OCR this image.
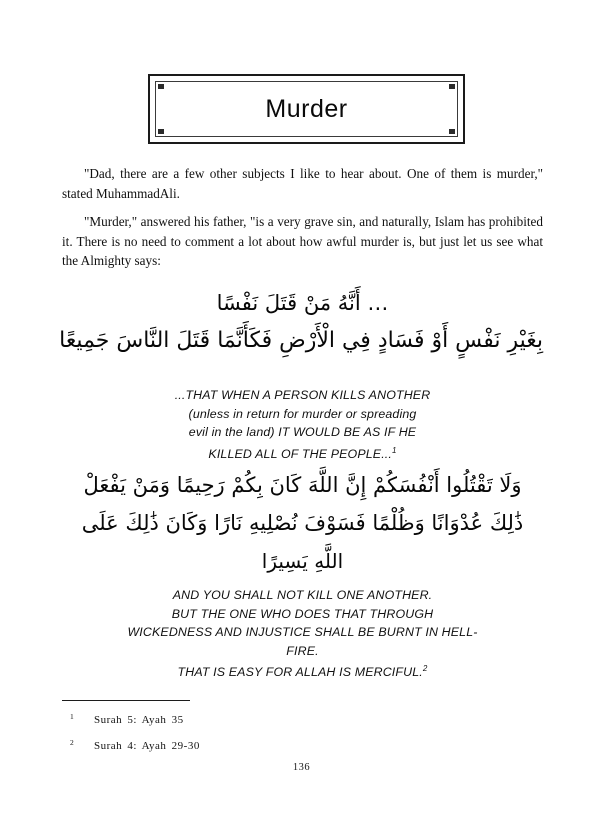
Murder

"Dad, there are a few other subjects I like to hear about. One of them is murder," stated MuhammadAli.

"Murder," answered his father, "is a very grave sin, and naturally, Islam has prohibited it. There is no need to comment a lot about how awful murder is, but just let us see what the Almighty says:

… أَنَّهُ مَنْ قَتَلَ نَفْسًا
بِغَيْرِ نَفْسٍ أَوْ فَسَادٍ فِي الْأَرْضِ فَكَأَنَّمَا قَتَلَ النَّاسَ جَمِيعًا
...THAT WHEN A PERSON KILLS ANOTHER
(unless in return for murder or spreading
evil in the land) IT WOULD BE AS IF HE
KILLED ALL OF THE PEOPLE...$^1$
وَلَا تَقْتُلُوا أَنْفُسَكُمْ إِنَّ اللَّهَ كَانَ بِكُمْ رَحِيمًا وَمَنْ يَفْعَلْ
ذَٰلِكَ عُدْوَانًا وَظُلْمًا فَسَوْفَ نُصْلِيهِ نَارًا وَكَانَ ذَٰلِكَ عَلَى
اللَّهِ يَسِيرًا
AND YOU SHALL NOT KILL ONE ANOTHER.
BUT THE ONE WHO DOES THAT THROUGH
WICKEDNESS AND INJUSTICE SHALL BE BURNT IN HELL-
FIRE.
THAT IS EASY FOR ALLAH IS MERCIFUL.$^2$
1	Surah 5: Ayah 35
2	Surah 4: Ayah 29-30
136
